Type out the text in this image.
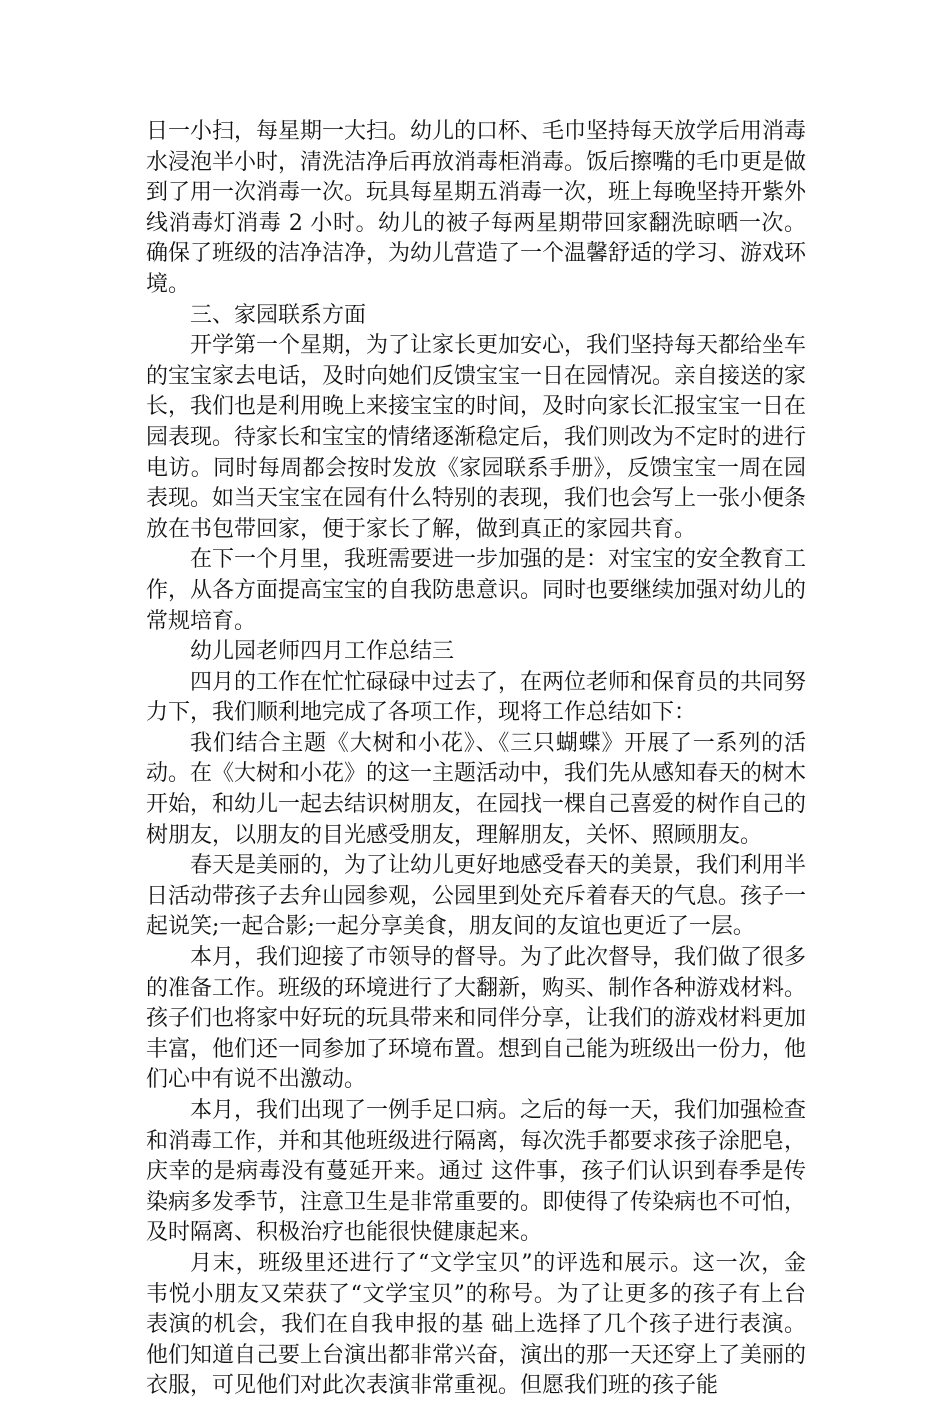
日一小扫，每星期一大扫。幼儿的口杯、毛巾坚持每天放学后用消毒水浸泡半小时，清洗洁净后再放消毒柜消毒。饭后擦嘴的毛巾更是做到了用一次消毒一次。玩具每星期五消毒一次，班上每晚坚持开紫外线消毒灯消毒 2 小时。幼儿的被子每两星期带回家翻洗晾晒一次。确保了班级的洁净洁净，为幼儿营造了一个温馨舒适的学习、游戏环境。

三、家园联系方面

开学第一个星期，为了让家长更加安心，我们坚持每天都给坐车的宝宝家去电话，及时向她们反馈宝宝一日在园情况。亲自接送的家长，我们也是利用晚上来接宝宝的时间，及时向家长汇报宝宝一日在园表现。待家长和宝宝的情绪逐渐稳定后，我们则改为不定时的进行电访。同时每周都会按时发放《家园联系手册》，反馈宝宝一周在园表现。如当天宝宝在园有什么特别的表现，我们也会写上一张小便条放在书包带回家，便于家长了解，做到真正的家园共育。

在下一个月里，我班需要进一步加强的是：对宝宝的安全教育工作，从各方面提高宝宝的自我防患意识。同时也要继续加强对幼儿的常规培育。

幼儿园老师四月工作总结三

四月的工作在忙忙碌碌中过去了，在两位老师和保育员的共同努力下，我们顺利地完成了各项工作，现将工作总结如下：

我们结合主题《大树和小花》、《三只蝴蝶》开展了一系列的活动。在《大树和小花》的这一主题活动中，我们先从感知春天的树木开始，和幼儿一起去结识树朋友，在园找一棵自己喜爱的树作自己的树朋友，以朋友的目光感受朋友，理解朋友，关怀、照顾朋友。

春天是美丽的，为了让幼儿更好地感受春天的美景，我们利用半日活动带孩子去弁山园参观，公园里到处充斥着春天的气息。孩子一起说笑;一起合影;一起分享美食，朋友间的友谊也更近了一层。

本月，我们迎接了市领导的督导。为了此次督导，我们做了很多的准备工作。班级的环境进行了大翻新，购买、制作各种游戏材料。孩子们也将家中好玩的玩具带来和同伴分享，让我们的游戏材料更加丰富，他们还一同参加了环境布置。想到自己能为班级出一份力，他们心中有说不出激动。

本月，我们出现了一例手足口病。之后的每一天，我们加强检查和消毒工作，并和其他班级进行隔离，每次洗手都要求孩子涂肥皂，庆幸的是病毒没有蔓延开来。通过 这件事，孩子们认识到春季是传染病多发季节，注意卫生是非常重要的。即使得了传染病也不可怕，及时隔离、积极治疗也能很快健康起来。

月末，班级里还进行了“文学宝贝”的评选和展示。这一次，金韦悦小朋友又荣获了“文学宝贝”的称号。为了让更多的孩子有上台表演的机会，我们在自我申报的基 础上选择了几个孩子进行表演。他们知道自己要上台演出都非常兴奋，演出的那一天还穿上了美丽的衣服，可见他们对此次表演非常重视。但愿我们班的孩子能
